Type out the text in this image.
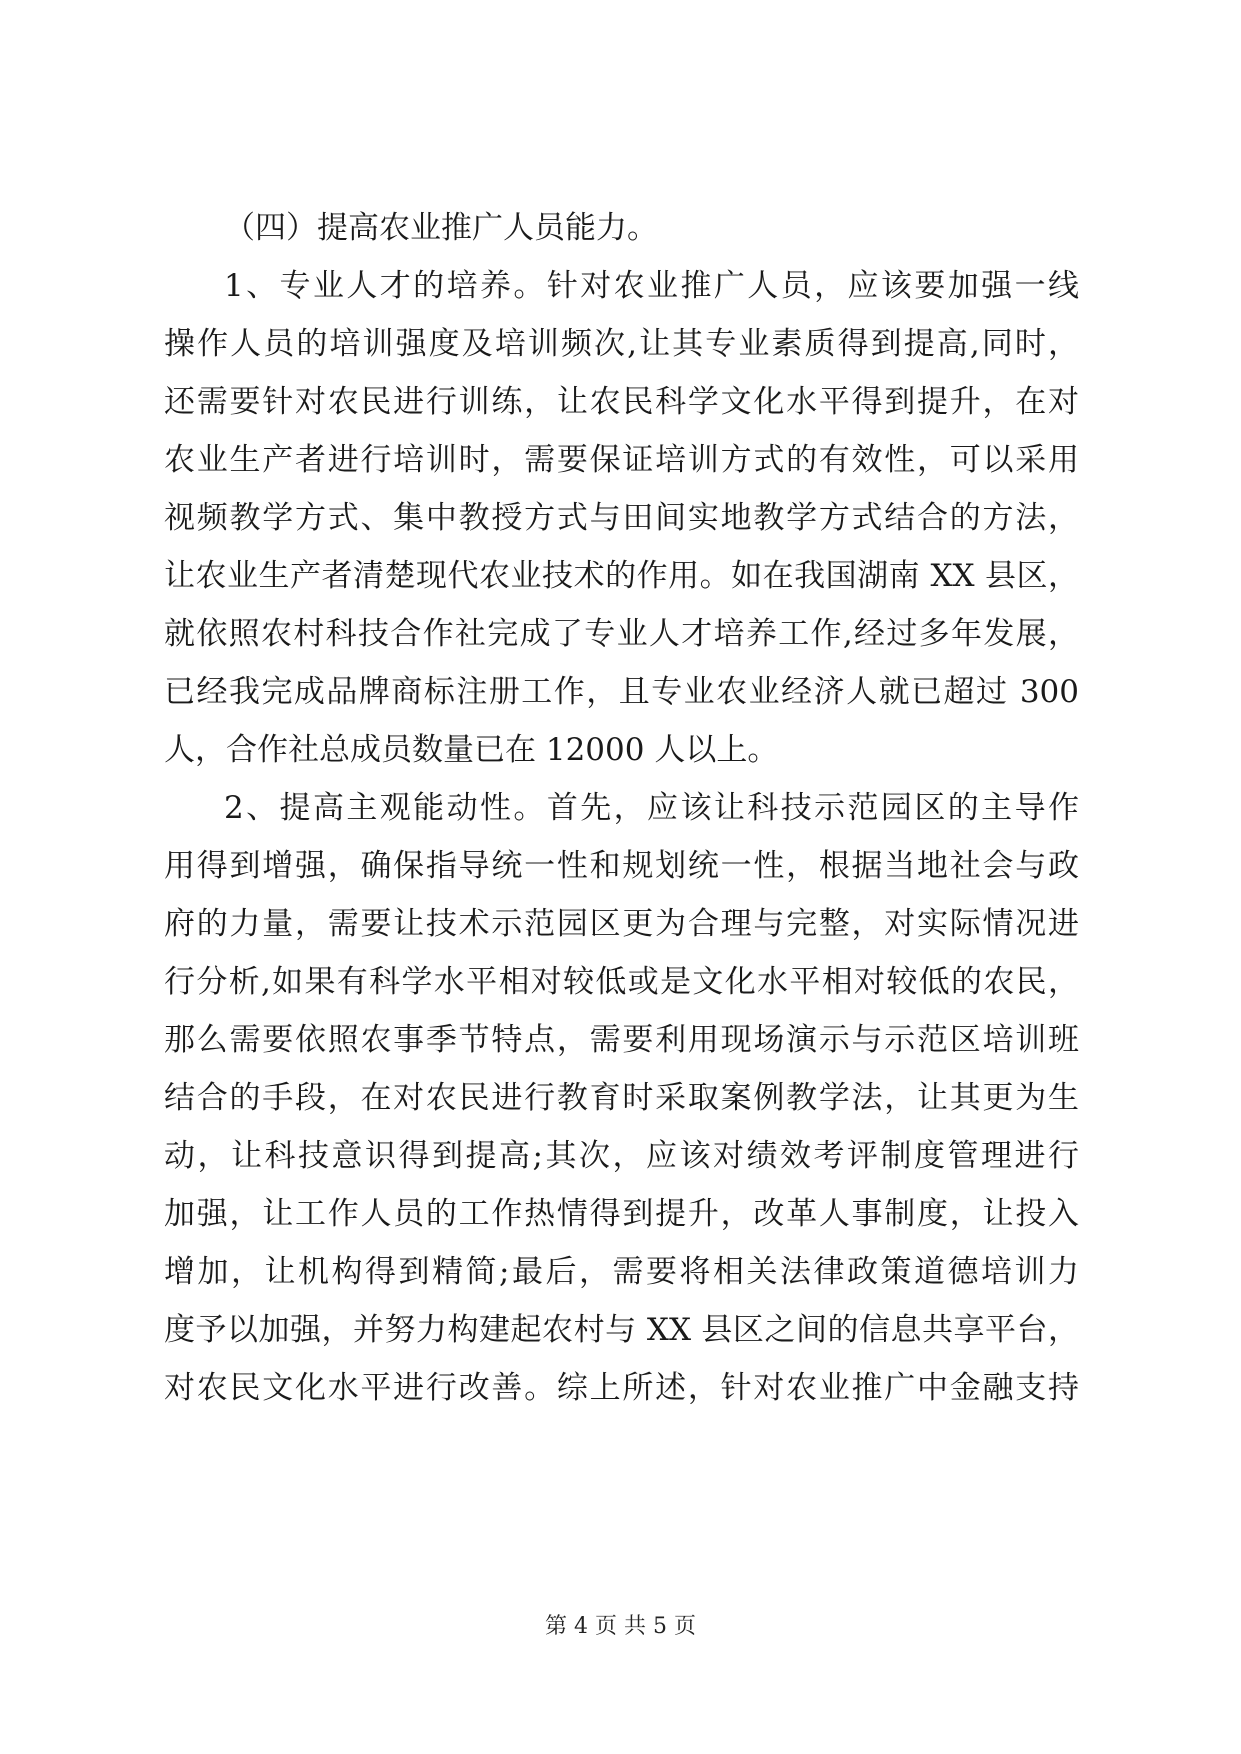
（四）提高农业推广人员能力。
1、专业人才的培养。针对农业推广人员，应该要加强一线
操作人员的培训强度及培训频次,让其专业素质得到提高,同时，
还需要针对农民进行训练，让农民科学文化水平得到提升，在对
农业生产者进行培训时，需要保证培训方式的有效性，可以采用
视频教学方式、集中教授方式与田间实地教学方式结合的方法，
让农业生产者清楚现代农业技术的作用。如在我国湖南 XX 县区，
就依照农村科技合作社完成了专业人才培养工作,经过多年发展，
已经我完成品牌商标注册工作，且专业农业经济人就已超过 300
人，合作社总成员数量已在 12000 人以上。
2、提高主观能动性。首先，应该让科技示范园区的主导作
用得到增强，确保指导统一性和规划统一性，根据当地社会与政
府的力量，需要让技术示范园区更为合理与完整，对实际情况进
行分析,如果有科学水平相对较低或是文化水平相对较低的农民，
那么需要依照农事季节特点，需要利用现场演示与示范区培训班
结合的手段，在对农民进行教育时采取案例教学法，让其更为生
动，让科技意识得到提高;其次，应该对绩效考评制度管理进行
加强，让工作人员的工作热情得到提升，改革人事制度，让投入
增加，让机构得到精简;最后，需要将相关法律政策道德培训力
度予以加强，并努力构建起农村与 XX 县区之间的信息共享平台，
对农民文化水平进行改善。综上所述，针对农业推广中金融支持
第 4 页 共 5 页
